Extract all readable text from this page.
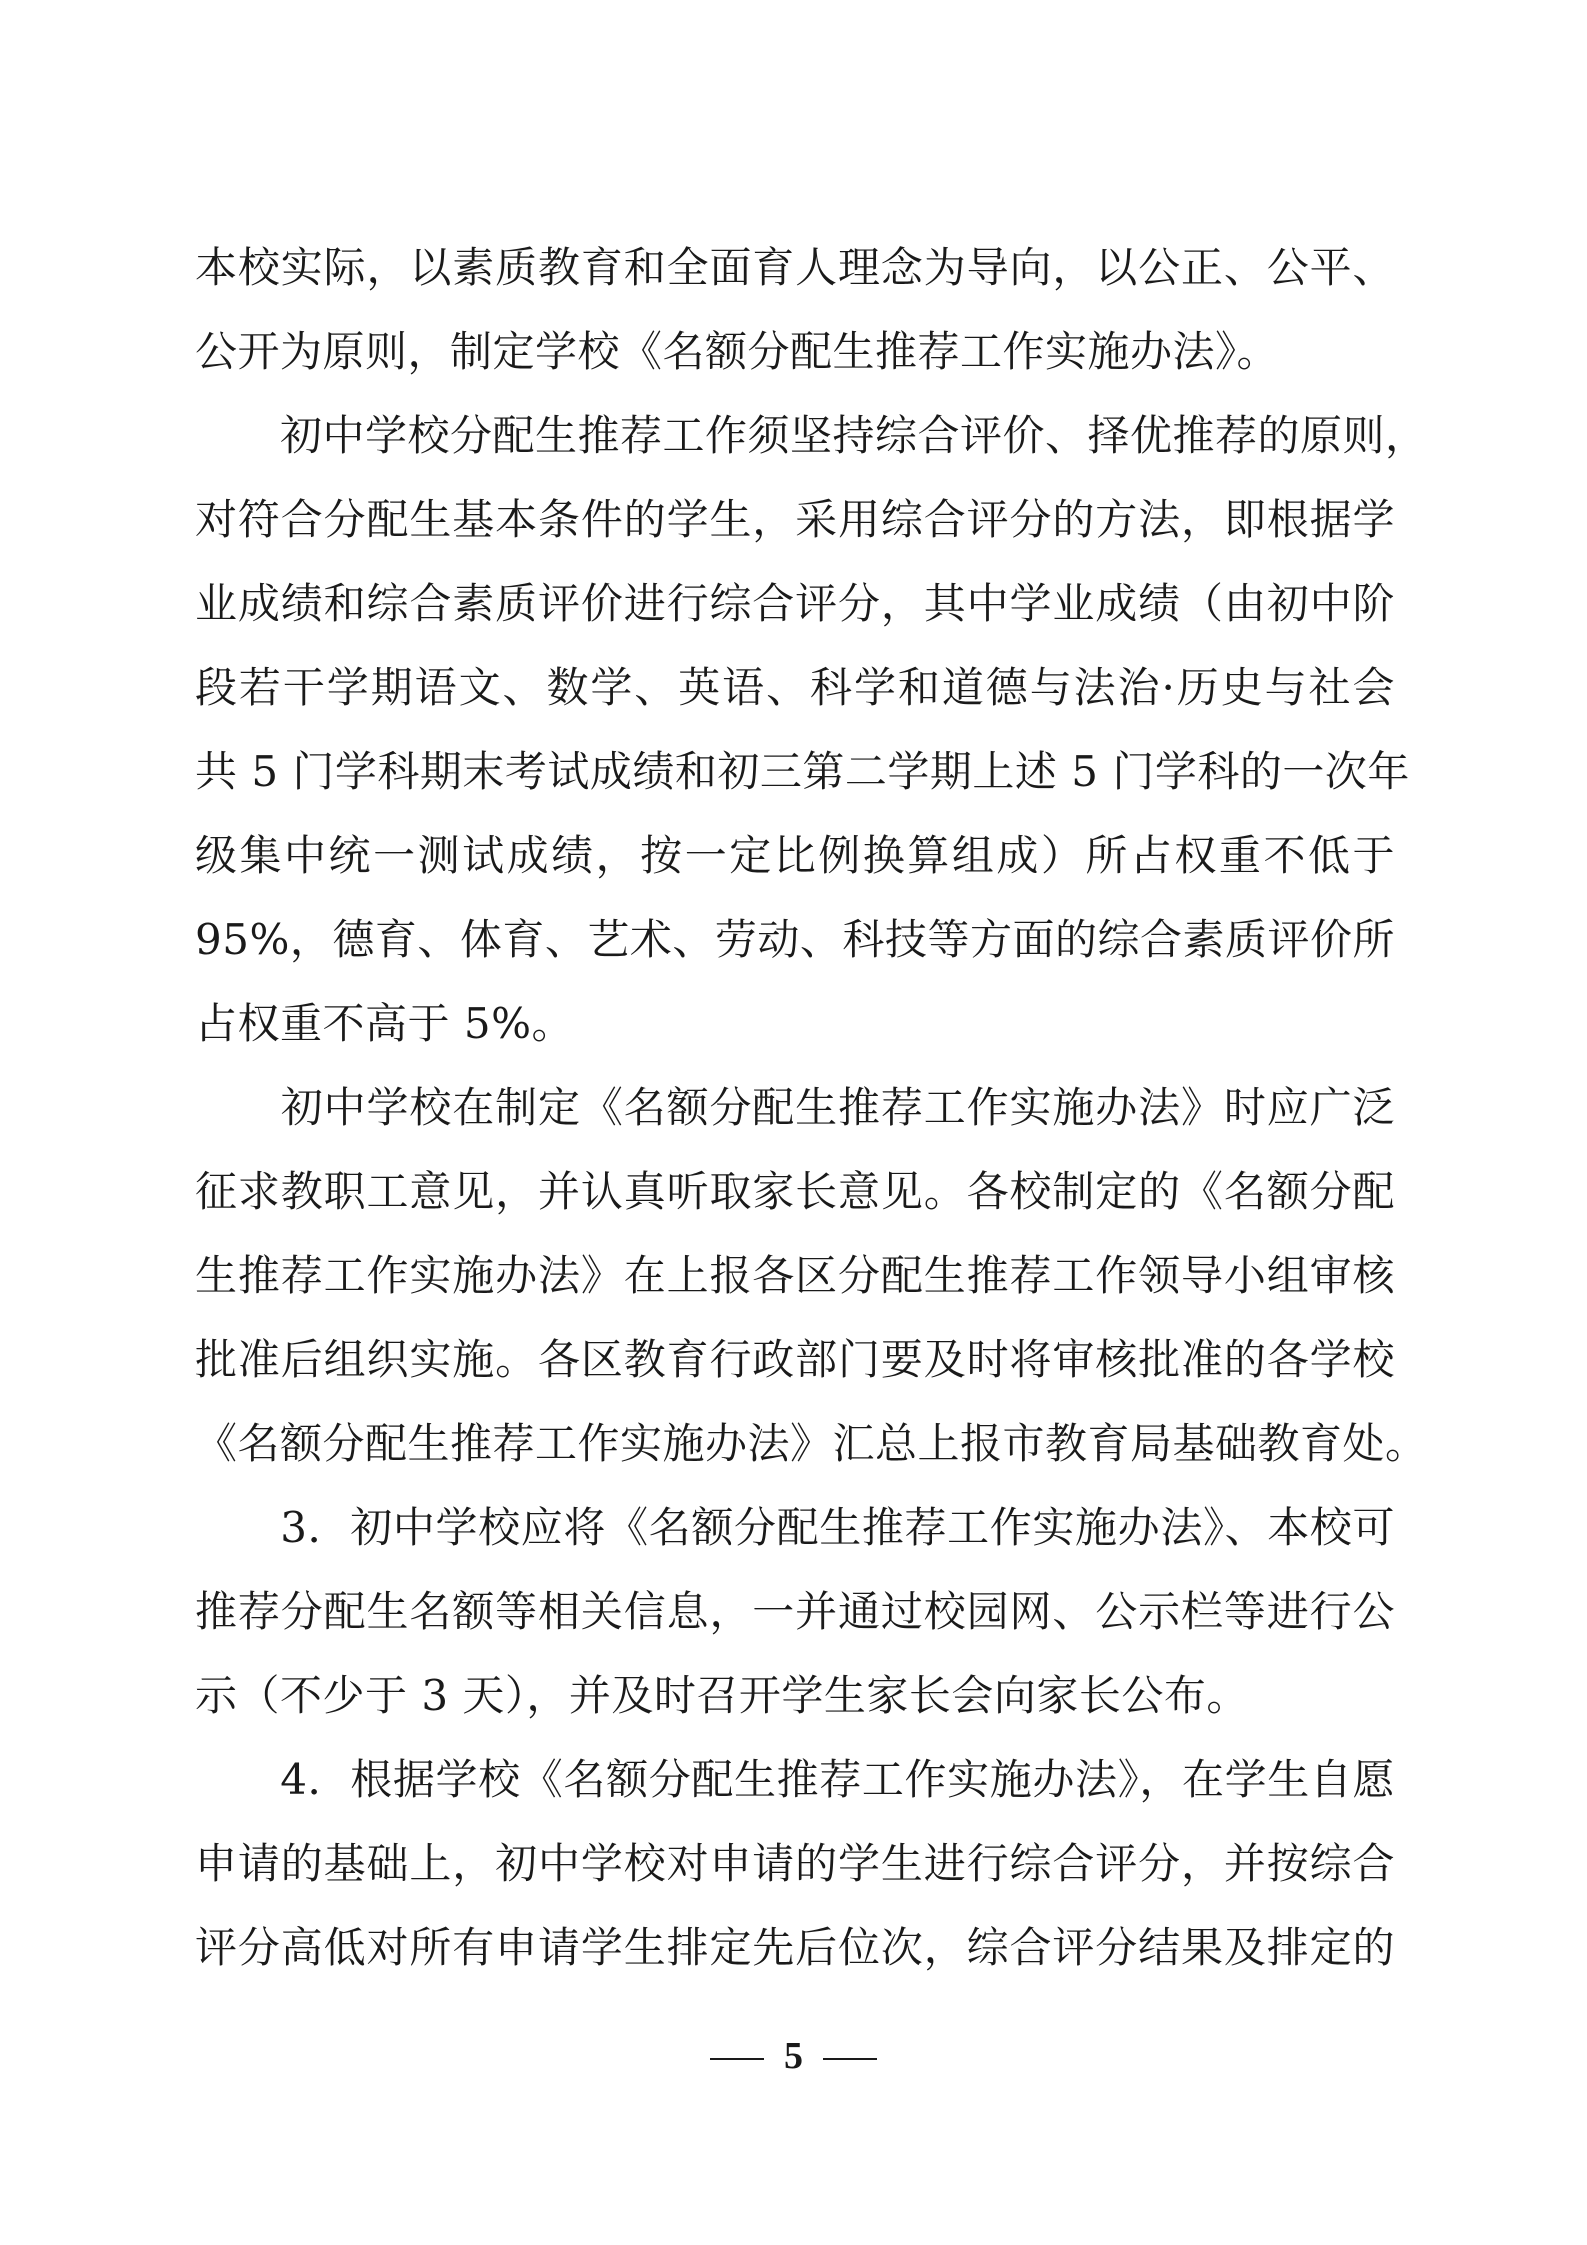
本校实际，以素质教育和全面育人理念为导向，以公正、公平、
公开为原则，制定学校《名额分配生推荐工作实施办法》。
　　初中学校分配生推荐工作须坚持综合评价、择优推荐的原则，
对符合分配生基本条件的学生，采用综合评分的方法，即根据学
业成绩和综合素质评价进行综合评分，其中学业成绩（由初中阶
段若干学期语文、数学、英语、科学和道德与法治·历史与社会
共 5 门学科期末考试成绩和初三第二学期上述 5 门学科的一次年
级集中统一测试成绩，按一定比例换算组成）所占权重不低于
95%，德育、体育、艺术、劳动、科技等方面的综合素质评价所
占权重不高于 5%。
　　初中学校在制定《名额分配生推荐工作实施办法》时应广泛
征求教职工意见，并认真听取家长意见。各校制定的《名额分配
生推荐工作实施办法》在上报各区分配生推荐工作领导小组审核
批准后组织实施。各区教育行政部门要及时将审核批准的各学校
《名额分配生推荐工作实施办法》汇总上报市教育局基础教育处。
　　3．初中学校应将《名额分配生推荐工作实施办法》、本校可
推荐分配生名额等相关信息，一并通过校园网、公示栏等进行公
示（不少于 3 天），并及时召开学生家长会向家长公布。
　　4．根据学校《名额分配生推荐工作实施办法》，在学生自愿
申请的基础上，初中学校对申请的学生进行综合评分，并按综合
评分高低对所有申请学生排定先后位次，综合评分结果及排定的
5
